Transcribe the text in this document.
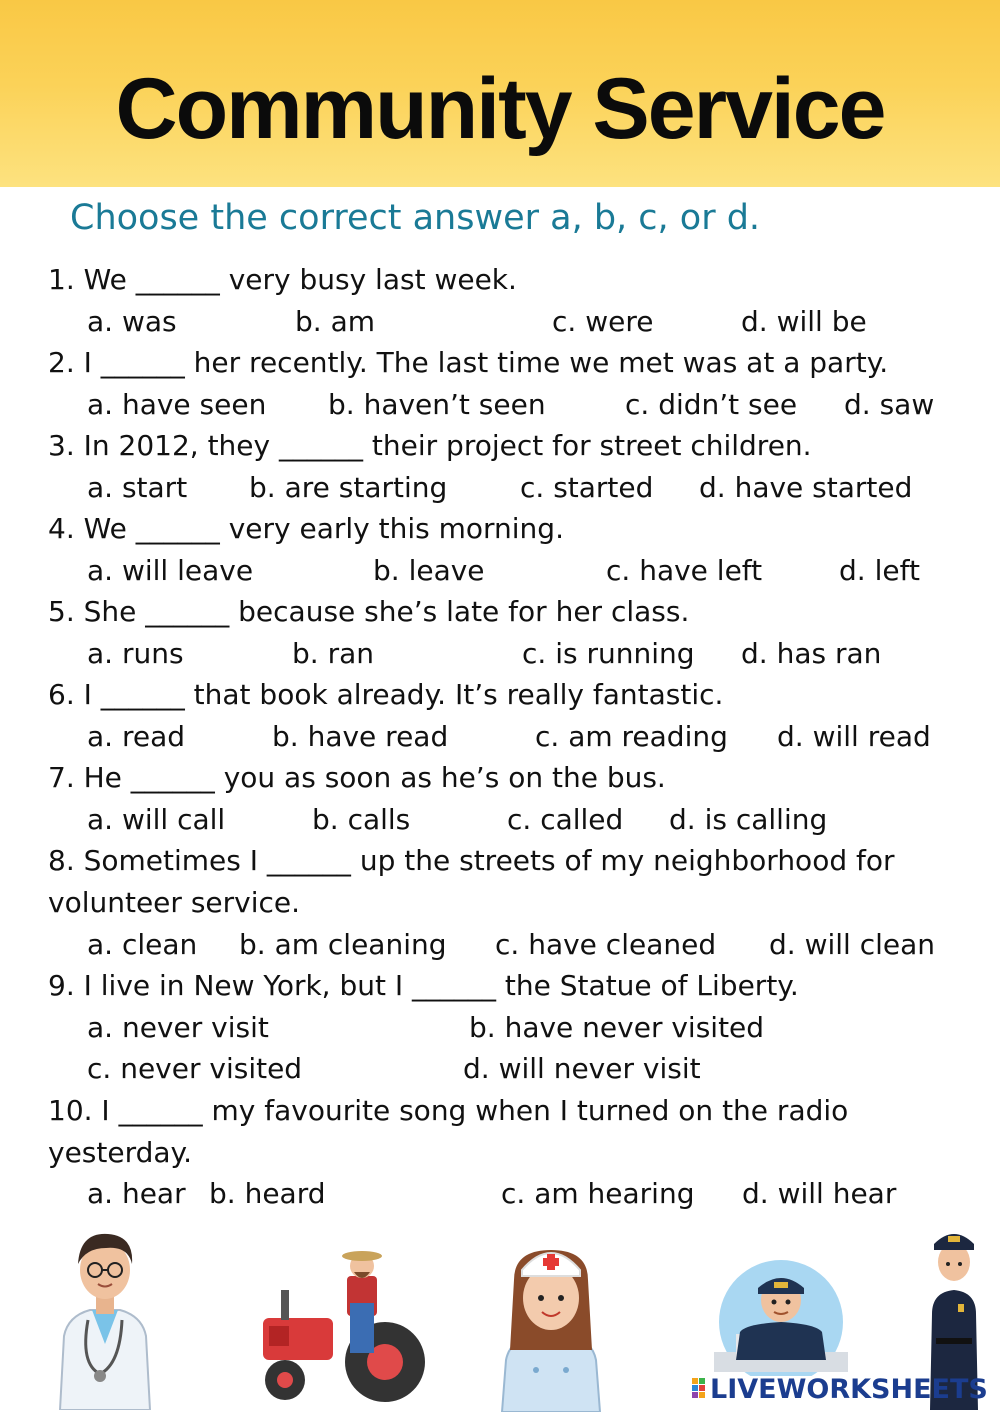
Community Service

Choose the correct answer a, b, c, or d.

1. We ______ very busy last week.
a. was	b. am	c. were	d. will be
2. I ______ her recently. The last time we met was at a party.
a. have seen b. haven’t seen	c. didn’t see d. saw
3. In 2012, they ______ their project for street children.
a. start b. are starting	c. started d. have started
4. We ______ very early this morning.
a. will leave	b. leave	c. have left	d. left
5. She ______ because she’s late for her class.
a. runs	b. ran	c. is running d. has ran
6. I ______ that book already. It’s really fantastic.
a. read	b. have read	c. am reading d. will read
7. He ______ you as soon as he’s on the bus.
a. will call	b. calls	c. called d. is calling
8. Sometimes I ______ up the streets of my neighborhood for
volunteer service.
a. clean b. am cleaning c. have cleaned d. will clean
9. I live in New York, but I ______ the Statue of Liberty.
a. never visit	b. have never visited
c. never visited	d. will never visit
10. I ______ my favourite song when I turned on the radio
yesterday.
a. hear b. heard	c. am hearing d. will hear
LIVEWORKSHEETS
